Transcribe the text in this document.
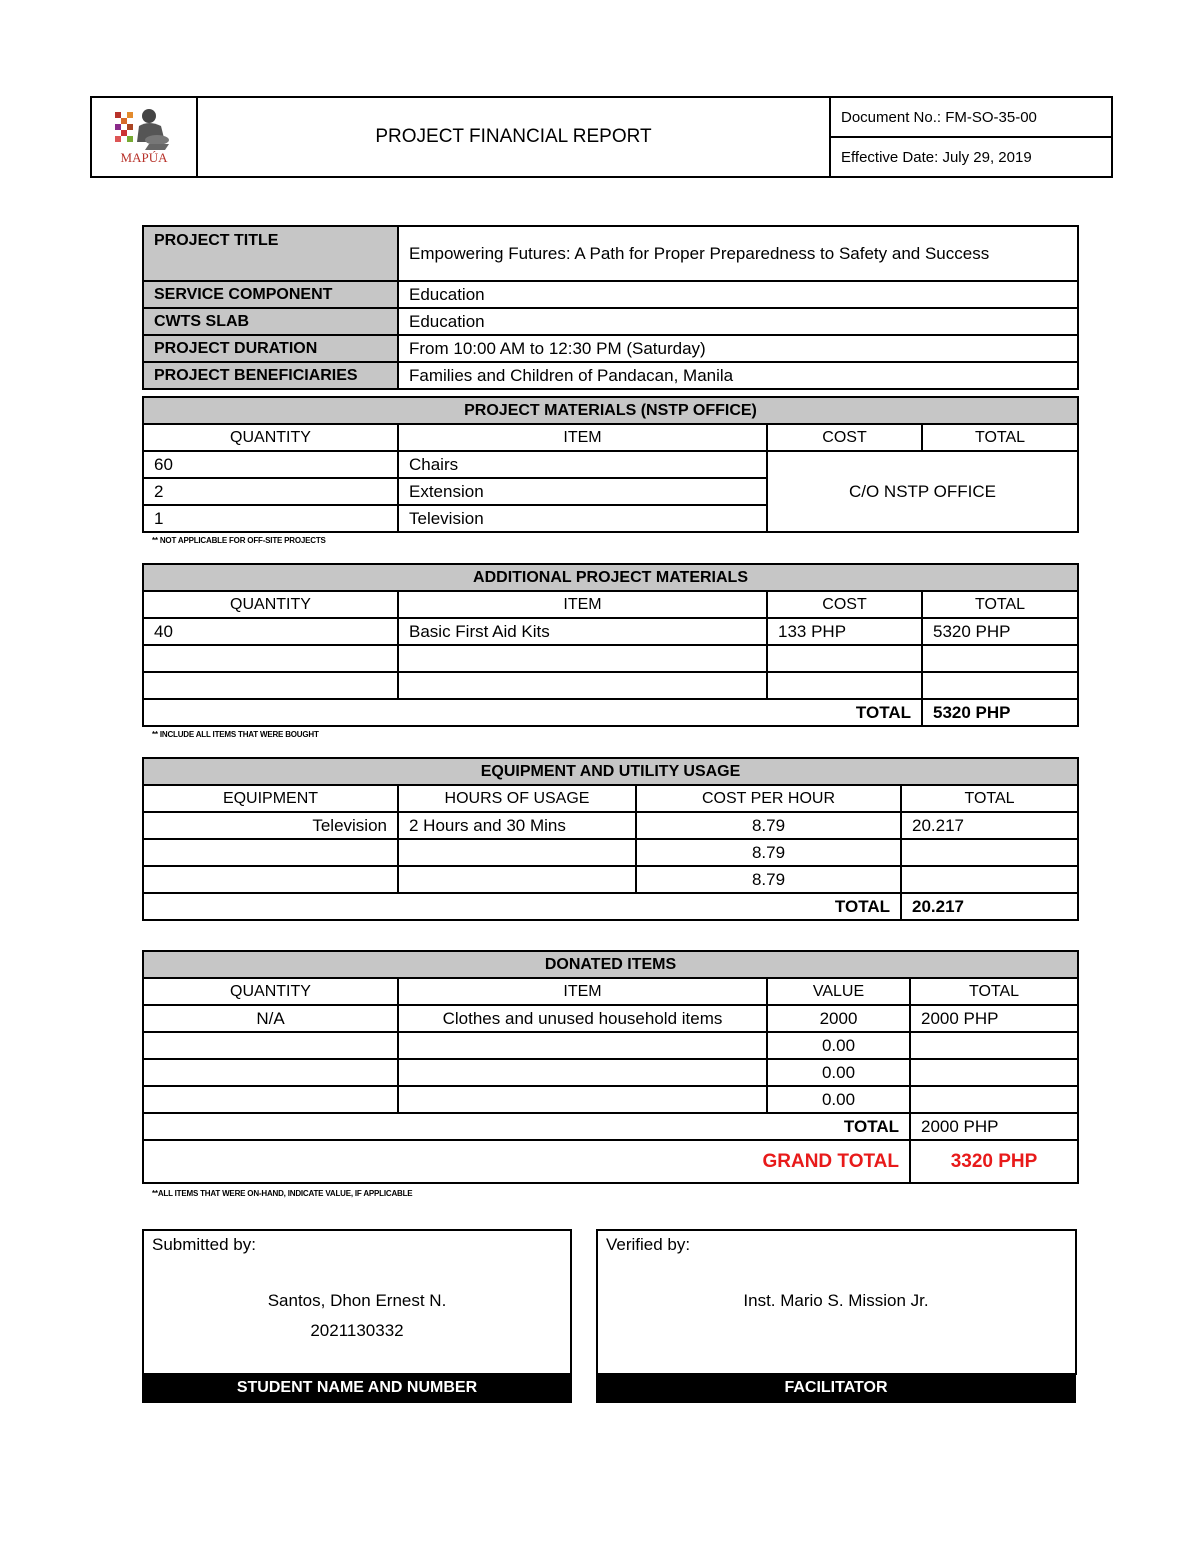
MAPÚA
	PROJECT FINANCIAL REPORT	Document No.: FM-SO-35-00
Effective Date: July 29, 2019
PROJECT TITLE	Empowering Futures: A Path for Proper Preparedness to Safety and Success
SERVICE COMPONENT	Education
CWTS SLAB	Education
PROJECT DURATION	From 10:00 AM to 12:30 PM (Saturday)
PROJECT BENEFICIARIES	Families and Children of Pandacan, Manila
PROJECT MATERIALS (NSTP OFFICE)			
QUANTITY	ITEM	COST	TOTAL
60	Chairs	C/O NSTP OFFICE	
2	Extension		
1	Television		
** NOT APPLICABLE FOR OFF-SITE PROJECTS
ADDITIONAL PROJECT MATERIALS			
QUANTITY	ITEM	COST	TOTAL
40	Basic First Aid Kits	133 PHP	5320 PHP

TOTAL			5320 PHP
** INCLUDE ALL ITEMS THAT WERE BOUGHT
EQUIPMENT AND UTILITY USAGE			
EQUIPMENT	HOURS OF USAGE	COST PER HOUR	TOTAL
Television	2 Hours and 30 Mins	8.79	20.217
		8.79	
		8.79	
TOTAL			20.217
DONATED ITEMS			
QUANTITY	ITEM	VALUE	TOTAL
N/A	Clothes and unused household items	2000	2000 PHP
		0.00	
		0.00	
		0.00	
TOTAL			2000 PHP
GRAND TOTAL			3320 PHP
**ALL ITEMS THAT WERE ON-HAND, INDICATE VALUE, IF APPLICABLE
Submitted by:
Santos, Dhon Ernest N.
2021130332
STUDENT NAME AND NUMBER
Verified by:
Inst. Mario S. Mission Jr.
FACILITATOR
